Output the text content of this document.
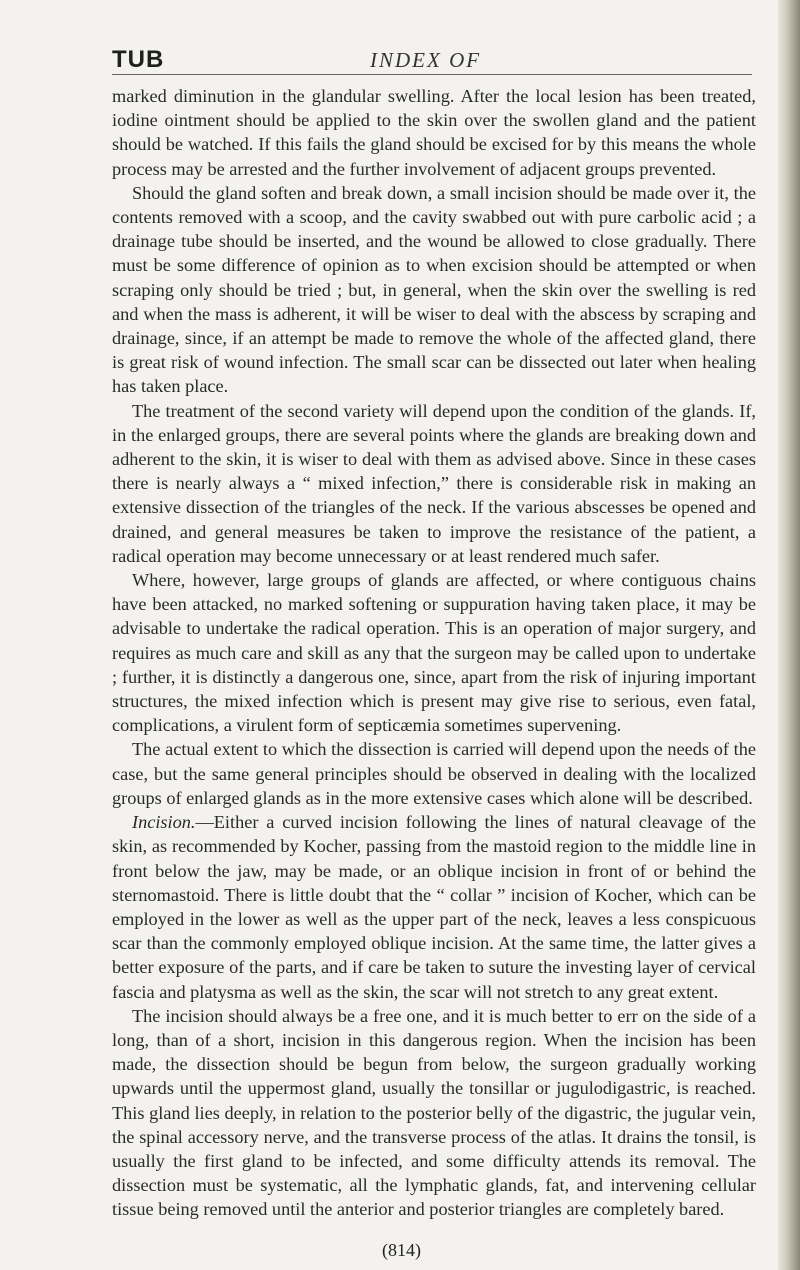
TUB	INDEX OF

marked diminution in the glandular swelling. After the local lesion has been treated, iodine ointment should be applied to the skin over the swollen gland and the patient should be watched. If this fails the gland should be excised for by this means the whole process may be arrested and the further involvement of adjacent groups prevented.

Should the gland soften and break down, a small incision should be made over it, the contents removed with a scoop, and the cavity swabbed out with pure carbolic acid ; a drainage tube should be inserted, and the wound be allowed to close gradually. There must be some difference of opinion as to when excision should be attempted or when scraping only should be tried ; but, in general, when the skin over the swelling is red and when the mass is adherent, it will be wiser to deal with the abscess by scraping and drainage, since, if an attempt be made to remove the whole of the affected gland, there is great risk of wound infection. The small scar can be dissected out later when healing has taken place.

The treatment of the second variety will depend upon the condition of the glands. If, in the enlarged groups, there are several points where the glands are breaking down and adherent to the skin, it is wiser to deal with them as advised above. Since in these cases there is nearly always a “ mixed infection,” there is considerable risk in making an extensive dissection of the triangles of the neck. If the various abscesses be opened and drained, and general measures be taken to improve the resistance of the patient, a radical operation may become unnecessary or at least rendered much safer.

Where, however, large groups of glands are affected, or where contiguous chains have been attacked, no marked softening or suppuration having taken place, it may be advisable to undertake the radical operation. This is an operation of major surgery, and requires as much care and skill as any that the surgeon may be called upon to undertake ; further, it is distinctly a dangerous one, since, apart from the risk of injuring important structures, the mixed infection which is present may give rise to serious, even fatal, complications, a virulent form of septicæmia sometimes supervening.

The actual extent to which the dissection is carried will depend upon the needs of the case, but the same general principles should be observed in dealing with the localized groups of enlarged glands as in the more extensive cases which alone will be described.

Incision.—Either a curved incision following the lines of natural cleavage of the skin, as recommended by Kocher, passing from the mastoid region to the middle line in front below the jaw, may be made, or an oblique incision in front of or behind the sternomastoid. There is little doubt that the “ collar ” incision of Kocher, which can be employed in the lower as well as the upper part of the neck, leaves a less conspicuous scar than the commonly employed oblique incision. At the same time, the latter gives a better exposure of the parts, and if care be taken to suture the investing layer of cervical fascia and platysma as well as the skin, the scar will not stretch to any great extent.

The incision should always be a free one, and it is much better to err on the side of a long, than of a short, incision in this dangerous region. When the incision has been made, the dissection should be begun from below, the surgeon gradually working upwards until the uppermost gland, usually the tonsillar or jugulodigastric, is reached. This gland lies deeply, in relation to the posterior belly of the digastric, the jugular vein, the spinal accessory nerve, and the transverse process of the atlas. It drains the tonsil, is usually the first gland to be infected, and some difficulty attends its removal. The dissection must be systematic, all the lymphatic glands, fat, and intervening cellular tissue being removed until the anterior and posterior triangles are completely bared.

(814)
